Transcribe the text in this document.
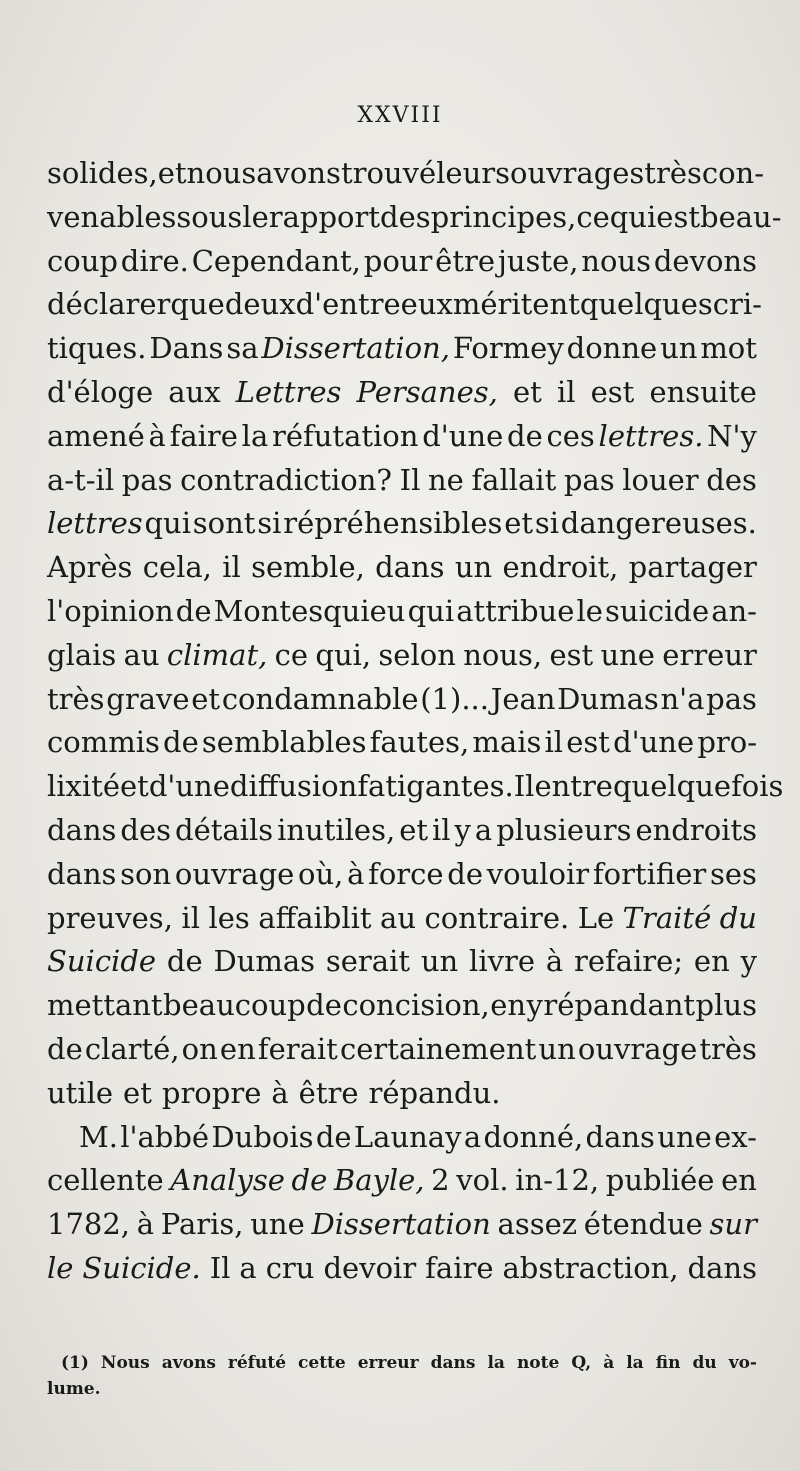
XXVIII
solides, et nous avons trouvé leurs ouvrages très con-
venables sous le rapport des principes, ce qui est beau-
coup dire. Cependant, pour être juste, nous devons
déclarer que deux d'entre eux méritent quelques cri-
tiques. Dans sa Dissertation, Formey donne un mot
d'éloge aux Lettres Persanes, et il est ensuite
amené à faire la réfutation d'une de ces lettres. N'y
a-t-il pas contradiction? Il ne fallait pas louer des
lettres qui sont si répréhensibles et si dangereuses.
Après cela, il semble, dans un endroit, partager
l'opinion de Montesquieu qui attribue le suicide an-
glais au climat, ce qui, selon nous, est une erreur
très grave et condamnable (1)... Jean Dumas n'a pas
commis de semblables fautes, mais il est d'une pro-
lixité et d'une diffusion fatigantes. Il entre quelquefois
dans des détails inutiles, et il y a plusieurs endroits
dans son ouvrage où, à force de vouloir fortifier ses
preuves, il les affaiblit au contraire. Le Traité du
Suicide de Dumas serait un livre à refaire; en y
mettant beaucoup de concision, en y répandant plus
de clarté, on en ferait certainement un ouvrage très
utile et propre à être répandu.
M. l'abbé Dubois de Launay a donné, dans une ex-
cellente Analyse de Bayle, 2 vol. in-12, publiée en
1782, à Paris, une Dissertation assez étendue sur
le Suicide. Il a cru devoir faire abstraction, dans
(1) Nous avons réfuté cette erreur dans la note Q, à la fin du vo-
lume.
